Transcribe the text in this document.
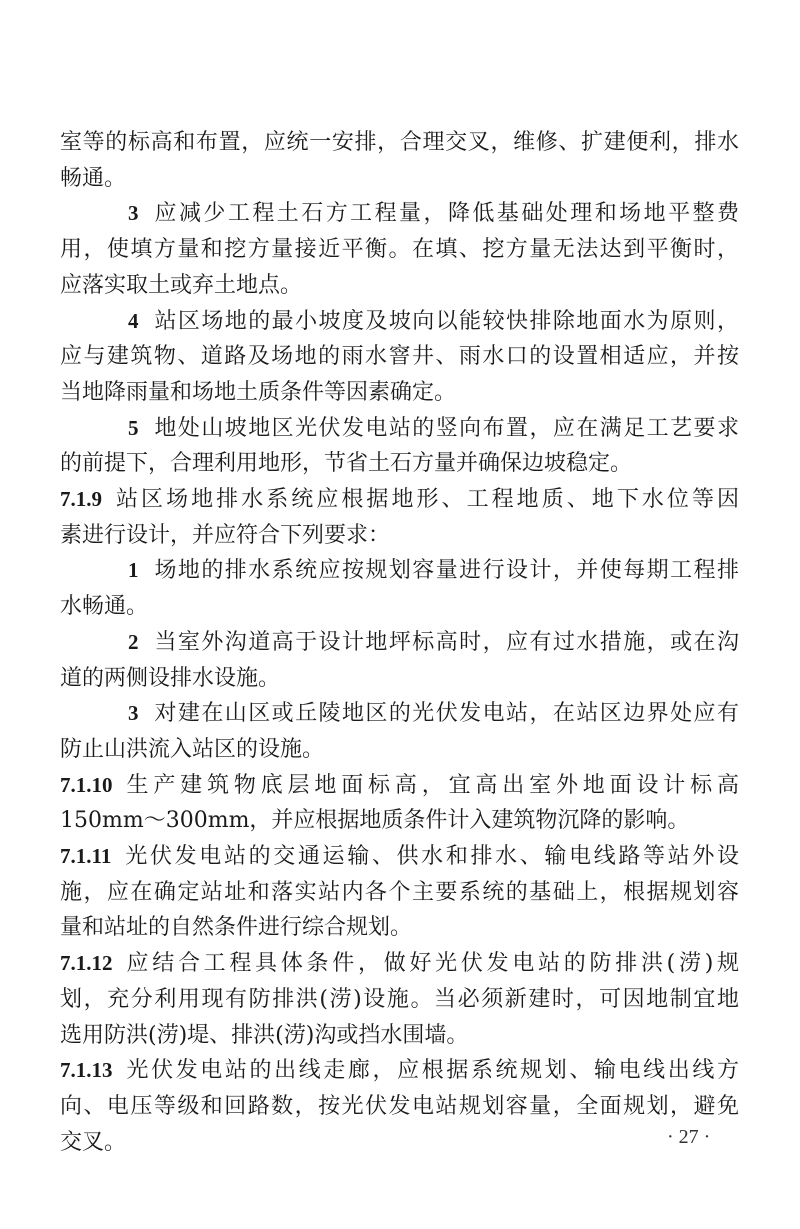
室等的标高和布置，应统一安排，合理交叉，维修、扩建便利，排水
畅通。
3 应减少工程土石方工程量，降低基础处理和场地平整费
用，使填方量和挖方量接近平衡。在填、挖方量无法达到平衡时，
应落实取土或弃土地点。
4 站区场地的最小坡度及坡向以能较快排除地面水为原则，
应与建筑物、道路及场地的雨水窨井、雨水口的设置相适应，并按
当地降雨量和场地土质条件等因素确定。
5 地处山坡地区光伏发电站的竖向布置，应在满足工艺要求
的前提下，合理利用地形，节省土石方量并确保边坡稳定。
7.1.9 站区场地排水系统应根据地形、工程地质、地下水位等因
素进行设计，并应符合下列要求：
1 场地的排水系统应按规划容量进行设计，并使每期工程排
水畅通。
2 当室外沟道高于设计地坪标高时，应有过水措施，或在沟
道的两侧设排水设施。
3 对建在山区或丘陵地区的光伏发电站，在站区边界处应有
防止山洪流入站区的设施。
7.1.10 生产建筑物底层地面标高，宜高出室外地面设计标高
150mm～300mm，并应根据地质条件计入建筑物沉降的影响。
7.1.11 光伏发电站的交通运输、供水和排水、输电线路等站外设
施，应在确定站址和落实站内各个主要系统的基础上，根据规划容
量和站址的自然条件进行综合规划。
7.1.12 应结合工程具体条件，做好光伏发电站的防排洪(涝)规
划，充分利用现有防排洪(涝)设施。当必须新建时，可因地制宜地
选用防洪(涝)堤、排洪(涝)沟或挡水围墙。
7.1.13 光伏发电站的出线走廊，应根据系统规划、输电线出线方
向、电压等级和回路数，按光伏发电站规划容量，全面规划，避免
交叉。	· 27 ·
